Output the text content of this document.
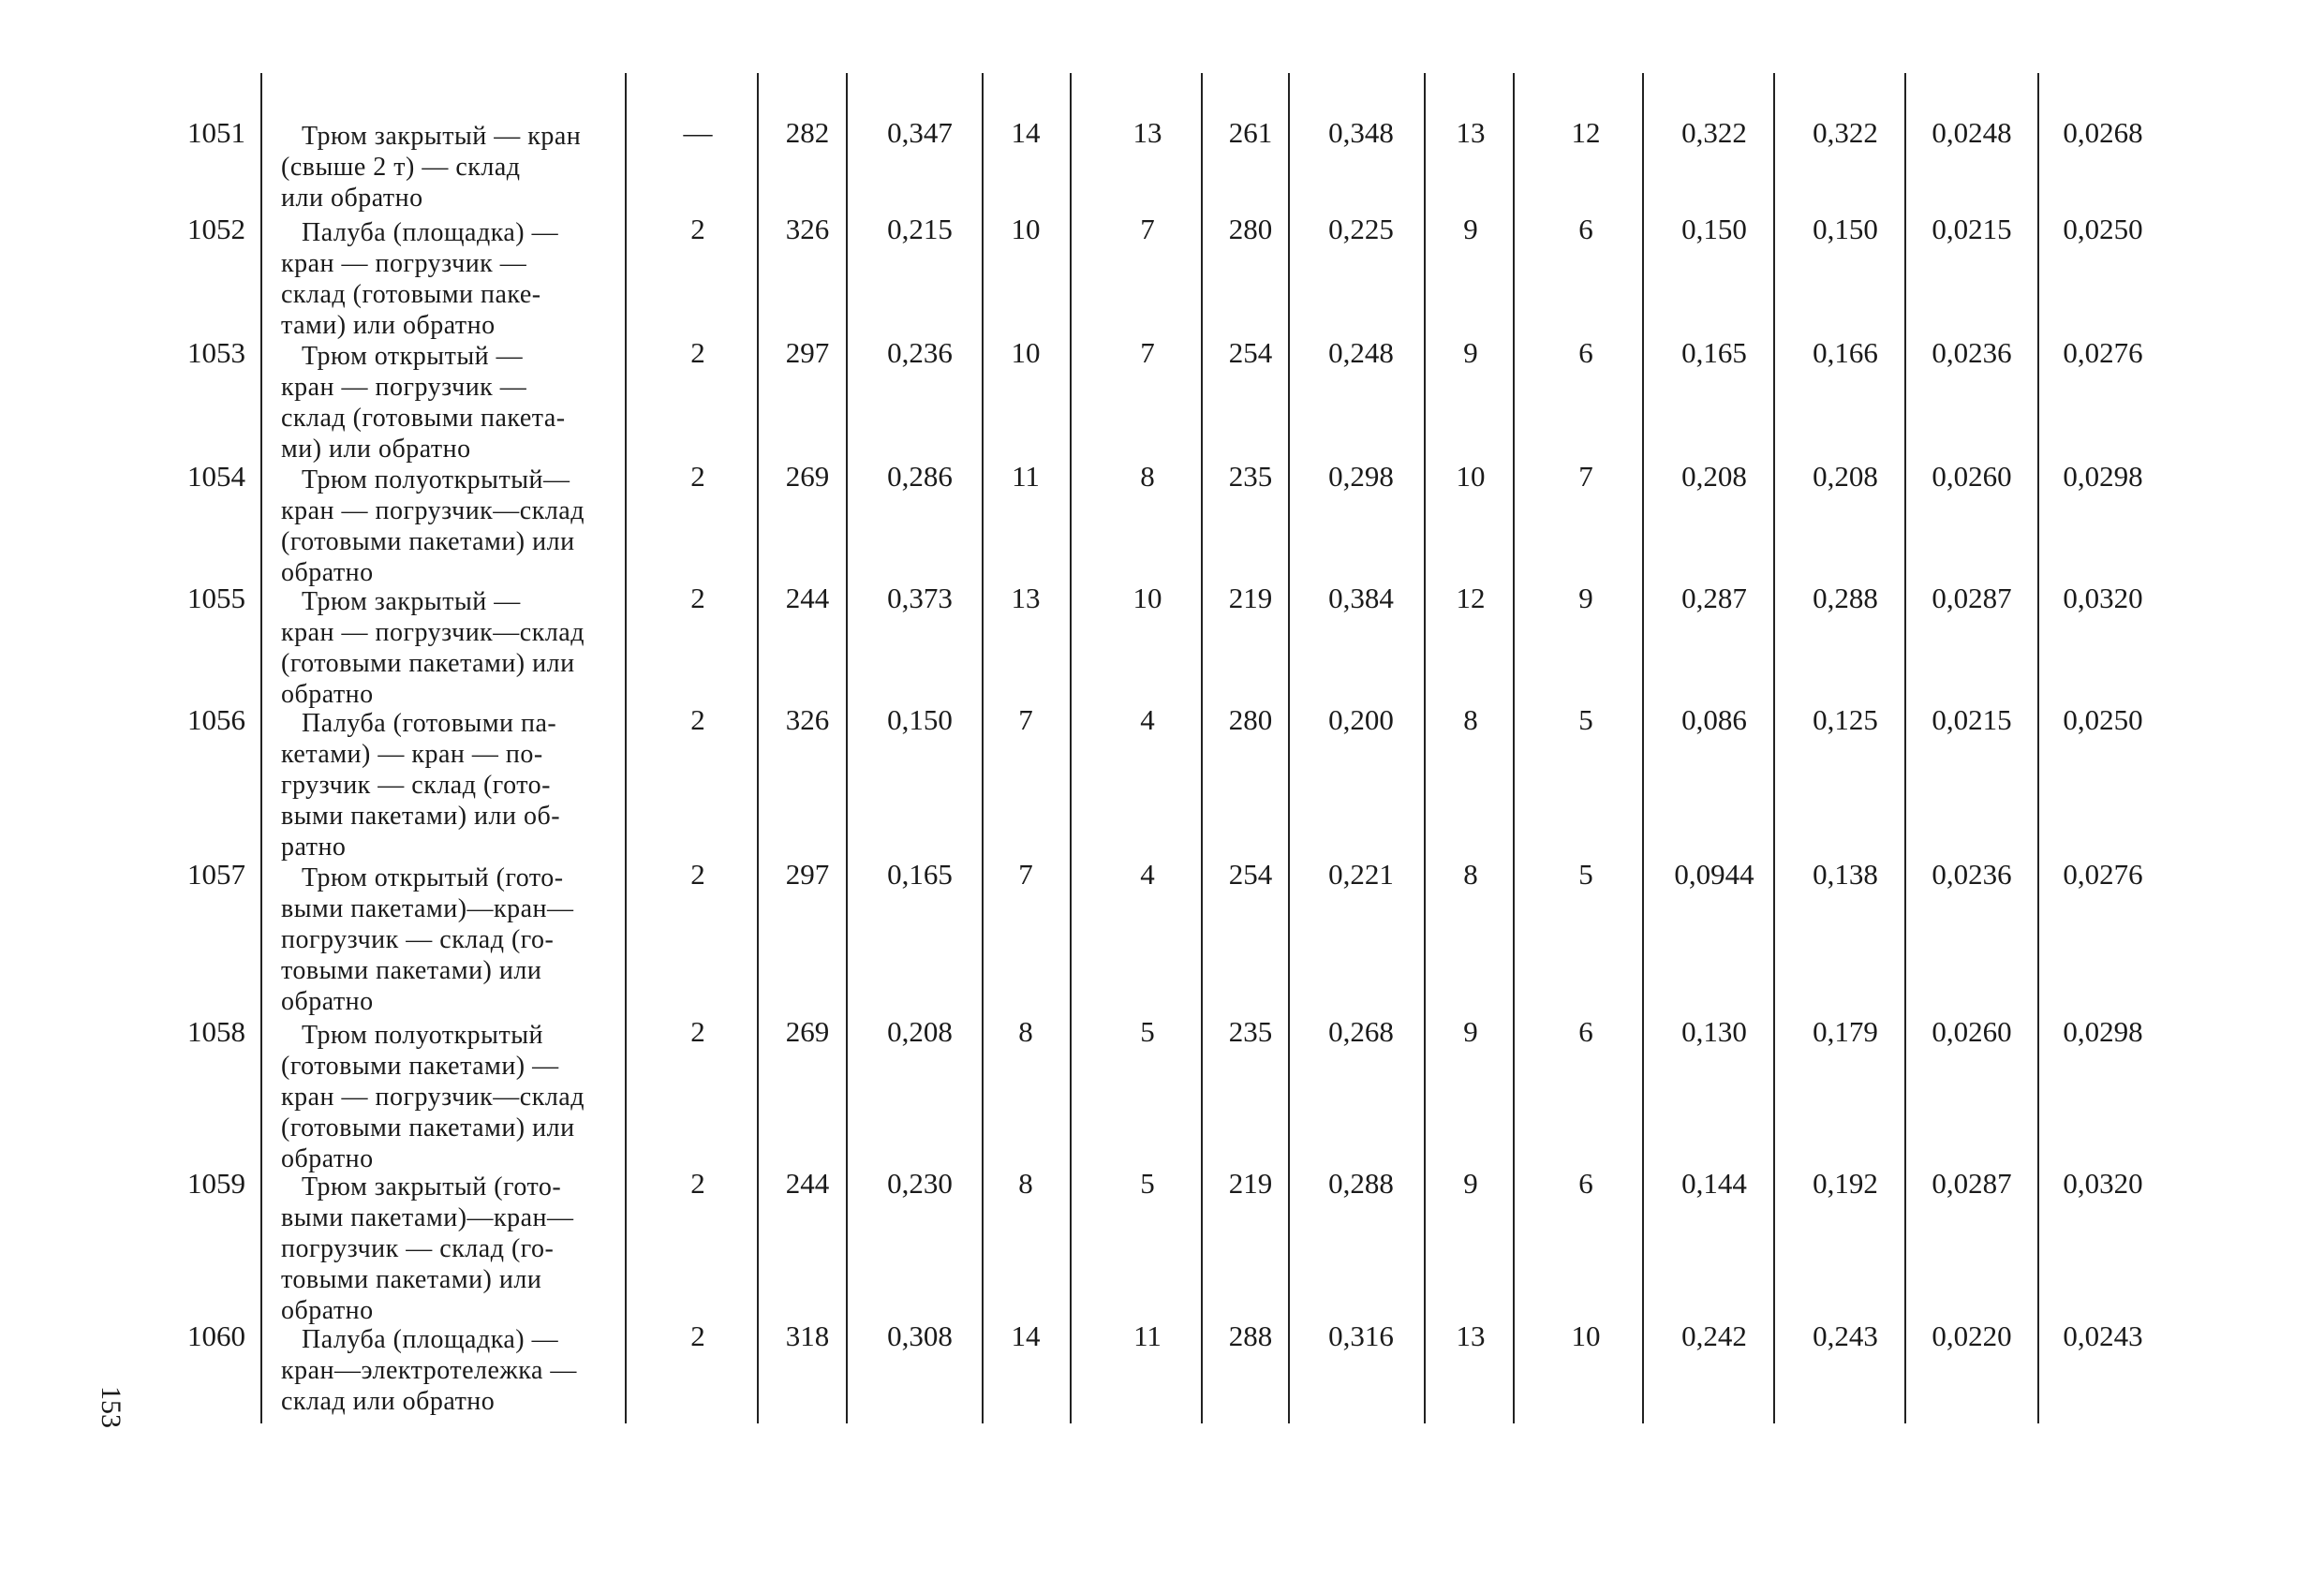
153
1051 Трюм закрытый — кран
(свыше 2 т) — склад
или обратно
—	282	0,347	14	13	261	0,348	13	12	0,322	0,322	0,0248	0,0268
1052 Палуба (площадка) —
кран — погрузчик —
склад (готовыми паке-
тами) или обратно
2	326	0,215	10	7	280	0,225	9	6	0,150	0,150	0,0215	0,0250
1053 Трюм открытый —
кран — погрузчик —
склад (готовыми пакета-
ми) или обратно
2	297	0,236	10	7	254	0,248	9	6	0,165	0,166	0,0236	0,0276
1054 Трюм полуоткрытый—
кран — погрузчик—склад
(готовыми пакетами) или
обратно
2	269	0,286	11	8	235	0,298	10	7	0,208	0,208	0,0260	0,0298
1055 Трюм закрытый —
кран — погрузчик—склад
(готовыми пакетами) или
обратно
2	244	0,373	13	10	219	0,384	12	9	0,287	0,288	0,0287	0,0320
1056 Палуба (готовыми па-
кетами) — кран — по-
грузчик — склад (гото-
выми пакетами) или об-
ратно
2	326	0,150	7	4	280	0,200	8	5	0,086	0,125	0,0215	0,0250
1057 Трюм открытый (гото-
выми пакетами)—кран—
погрузчик — склад (го-
товыми пакетами) или
обратно
2	297	0,165	7	4	254	0,221	8	5	0,0944	0,138	0,0236	0,0276
1058 Трюм полуоткрытый
(готовыми пакетами) —
кран — погрузчик—склад
(готовыми пакетами) или
обратно
2	269	0,208	8	5	235	0,268	9	6	0,130	0,179	0,0260	0,0298
1059 Трюм закрытый (гото-
выми пакетами)—кран—
погрузчик — склад (го-
товыми пакетами) или
обратно
2	244	0,230	8	5	219	0,288	9	6	0,144	0,192	0,0287	0,0320
1060 Палуба (площадка) —
кран—электротележка —
склад или обратно
2	318	0,308	14	11	288	0,316	13	10	0,242	0,243	0,0220	0,0243
